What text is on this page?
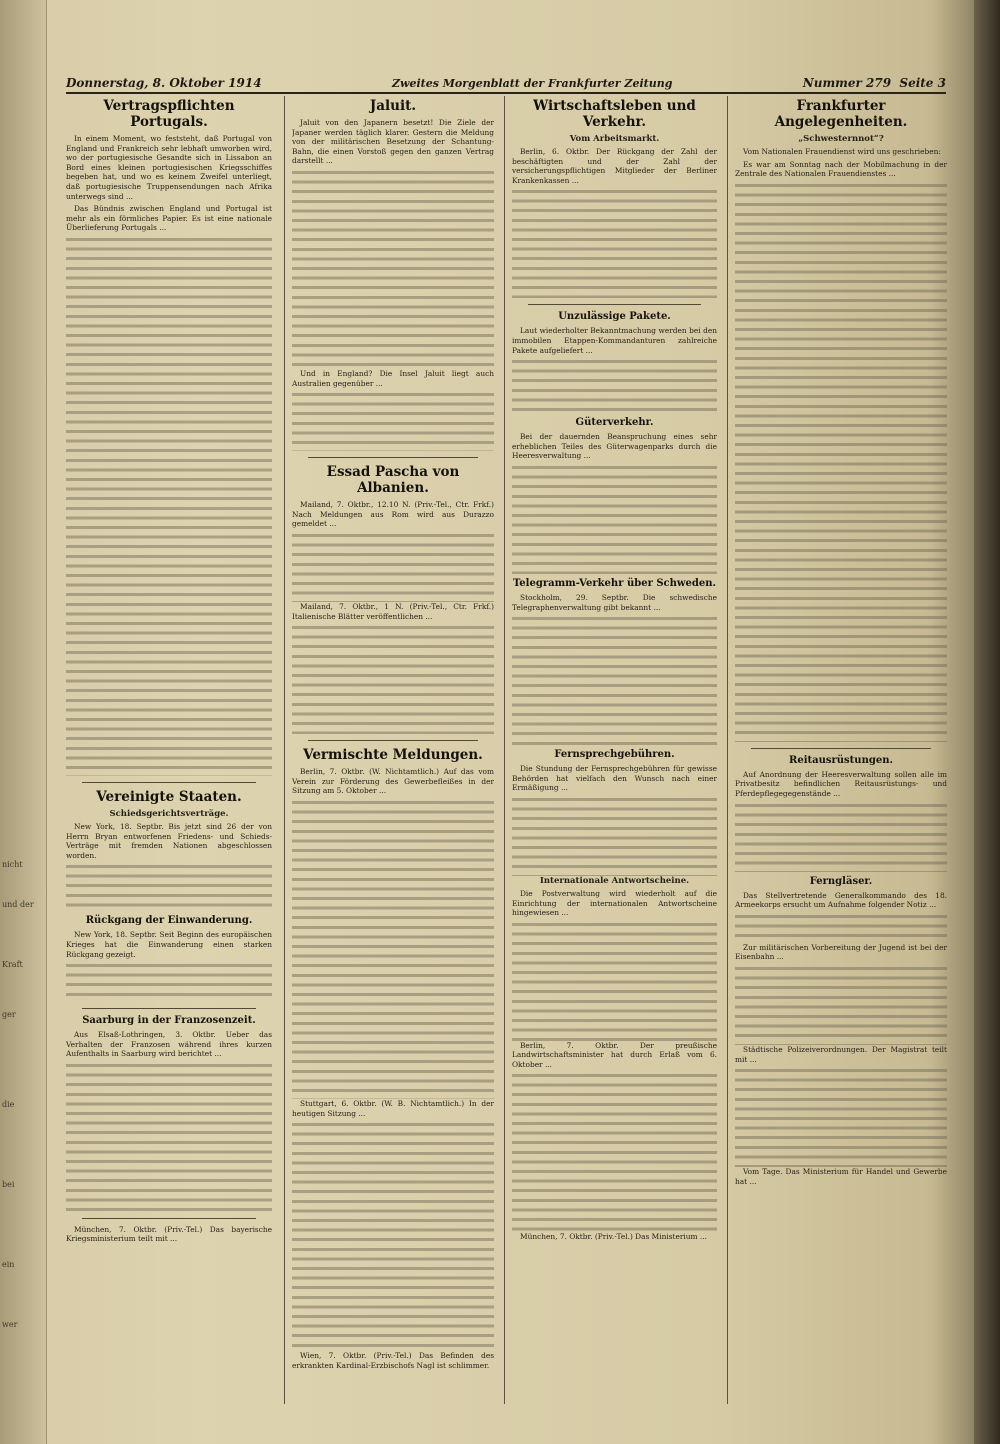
nicht
und der
Kraft
ger
die
bei
ein
wer
Donnerstag, 8. Oktober 1914	Zweites Morgenblatt der Frankfurter Zeitung	Nummer 279 Seite 3
Vertragspflichten Portugals.

In einem Moment, wo feststeht, daß Portugal von England und Frankreich sehr lebhaft umworben wird, wo der portugiesische Gesandte sich in Lissabon an Bord eines kleinen portugiesischen Kriegsschiffes begeben hat, und wo es keinem Zweifel unterliegt, daß portugiesische Truppensendungen nach Afrika unterwegs sind ...

Das Bündnis zwischen England und Portugal ist mehr als ein förmliches Papier. Es ist eine nationale Überlieferung Portugals ...

Vereinigte Staaten.
Schiedsgerichtsverträge.

New York, 18. Septbr. Bis jetzt sind 26 der von Herrn Bryan entworfenen Friedens- und Schieds-Verträge mit fremden Nationen abgeschlossen worden.

Rückgang der Einwanderung.

New York, 18. Septbr. Seit Beginn des europäischen Krieges hat die Einwanderung einen starken Rückgang gezeigt.

Saarburg in der Franzosenzeit.

Aus Elsaß-Lothringen, 3. Oktbr. Ueber das Verhalten der Franzosen während ihres kurzen Aufenthalts in Saarburg wird berichtet ...

München, 7. Oktbr. (Priv.-Tel.) Das bayerische Kriegsministerium teilt mit ...

Jaluit.

Jaluit von den Japanern besetzt! Die Ziele der Japaner werden täglich klarer. Gestern die Meldung von der militärischen Besetzung der Schantung-Bahn, die einen Vorstoß gegen den ganzen Vertrag darstellt ...

Und in England? Die Insel Jaluit liegt auch Australien gegenüber ...

Essad Pascha von Albanien.

Mailand, 7. Oktbr., 12.10 N. (Priv.-Tel., Ctr. Frkf.) Nach Meldungen aus Rom wird aus Durazzo gemeldet ...

Mailand, 7. Oktbr., 1 N. (Priv.-Tel., Ctr. Frkf.) Italienische Blätter veröffentlichen ...

Vermischte Meldungen.

Berlin, 7. Oktbr. (W. Nichtamtlich.) Auf das vom Verein zur Förderung des Gewerbefleißes in der Sitzung am 5. Oktober ...

Stuttgart, 6. Oktbr. (W. B. Nichtamtlich.) In der heutigen Sitzung ...

Wien, 7. Oktbr. (Priv.-Tel.) Das Befinden des erkrankten Kardinal-Erzbischofs Nagl ist schlimmer.

Wirtschaftsleben und Verkehr.
Vom Arbeitsmarkt.

Berlin, 6. Oktbr. Der Rückgang der Zahl der beschäftigten und der Zahl der versicherungspflichtigen Mitglieder der Berliner Krankenkassen ...

Unzulässige Pakete.

Laut wiederholter Bekanntmachung werden bei den immobilen Etappen-Kommandanturen zahlreiche Pakete aufgeliefert ...

Güterverkehr.

Bei der dauernden Beanspruchung eines sehr erheblichen Teiles des Güterwagenparks durch die Heeresverwaltung ...

Telegramm-Verkehr über Schweden.

Stockholm, 29. Septbr. Die schwedische Telegraphenverwaltung gibt bekannt ...

Fernsprechgebühren.

Die Stundung der Fernsprechgebühren für gewisse Behörden hat vielfach den Wunsch nach einer Ermäßigung ...

Internationale Antwortscheine.

Die Postverwaltung wird wiederholt auf die Einrichtung der internationalen Antwortscheine hingewiesen ...

Berlin, 7. Oktbr. Der preußische Landwirtschaftsminister hat durch Erlaß vom 6. Oktober ...

München, 7. Oktbr. (Priv.-Tel.) Das Ministerium ...

Frankfurter Angelegenheiten.
„Schwesternnot“?

Vom Nationalen Frauendienst wird uns geschrieben:

Es war am Sonntag nach der Mobilmachung in der Zentrale des Nationalen Frauendienstes ...

Reitausrüstungen.

Auf Anordnung der Heeresverwaltung sollen alle im Privatbesitz befindlichen Reitausrüstungs- und Pferdepflegegegenstände ...

Ferngläser.

Das Stellvertretende Generalkommando des 18. Armeekorps ersucht um Aufnahme folgender Notiz ...

Zur militärischen Vorbereitung der Jugend ist bei der Eisenbahn ...

Städtische Polizeiverordnungen. Der Magistrat teilt mit ...

Vom Tage. Das Ministerium für Handel und Gewerbe hat ...
